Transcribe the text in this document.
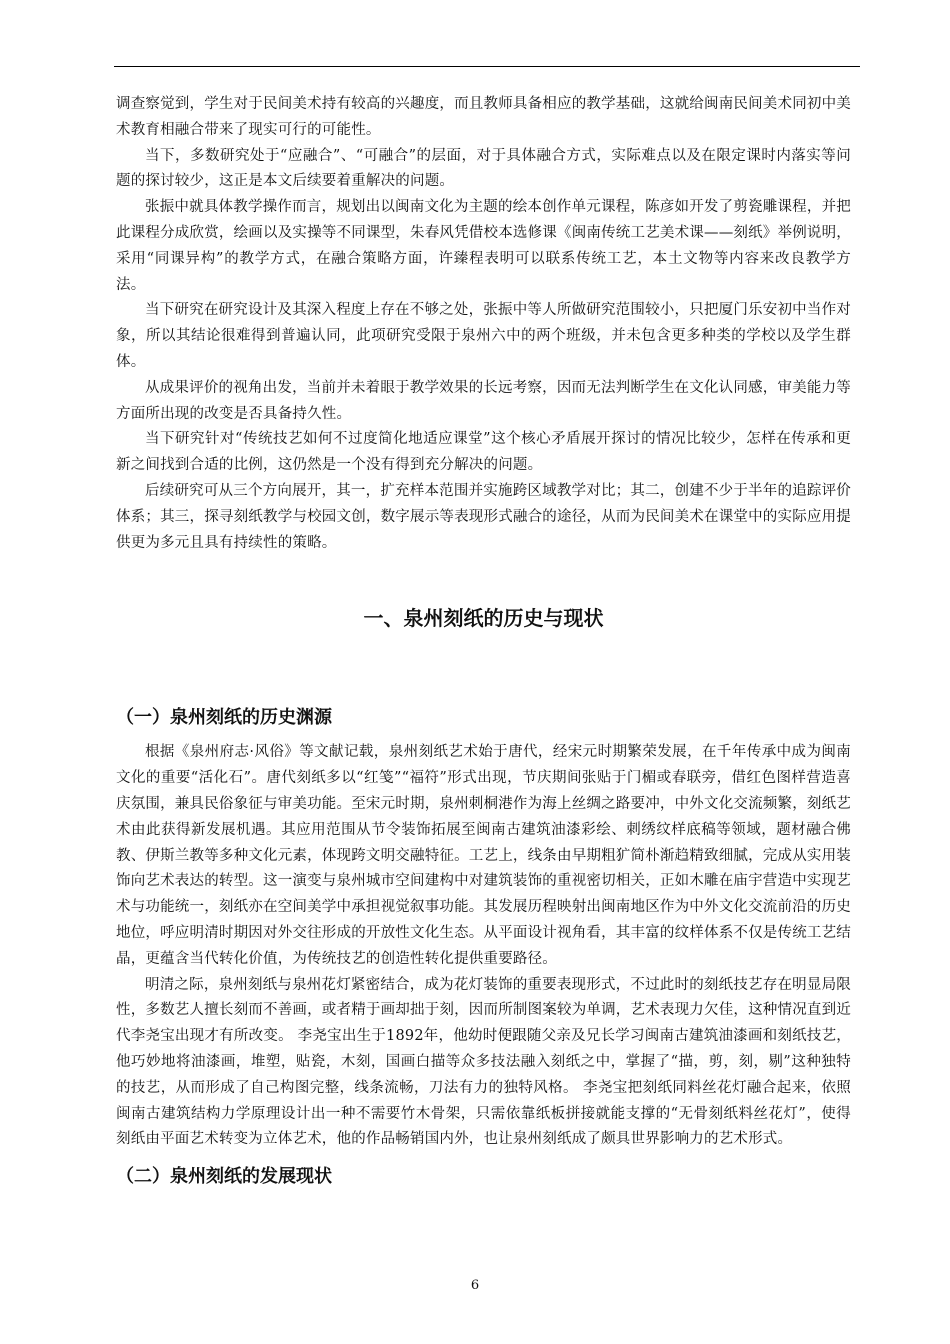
调查察觉到，学生对于民间美术持有较高的兴趣度，而且教师具备相应的教学基础，这就给闽南民间美术同初中美术教育相融合带来了现实可行的可能性。

当下，多数研究处于“应融合”、“可融合”的层面，对于具体融合方式，实际难点以及在限定课时内落实等问题的探讨较少，这正是本文后续要着重解决的问题。

张振中就具体教学操作而言，规划出以闽南文化为主题的绘本创作单元课程，陈彦如开发了剪瓷雕课程，并把此课程分成欣赏，绘画以及实操等不同课型，朱春风凭借校本选修课《闽南传统工艺美术课——刻纸》举例说明，采用“同课异构”的教学方式，在融合策略方面，许臻程表明可以联系传统工艺，本土文物等内容来改良教学方法。

当下研究在研究设计及其深入程度上存在不够之处，张振中等人所做研究范围较小，只把厦门乐安初中当作对象，所以其结论很难得到普遍认同，此项研究受限于泉州六中的两个班级，并未包含更多种类的学校以及学生群体。

从成果评价的视角出发，当前并未着眼于教学效果的长远考察，因而无法判断学生在文化认同感，审美能力等方面所出现的改变是否具备持久性。

当下研究针对“传统技艺如何不过度简化地适应课堂”这个核心矛盾展开探讨的情况比较少，怎样在传承和更新之间找到合适的比例，这仍然是一个没有得到充分解决的问题。

后续研究可从三个方向展开，其一，扩充样本范围并实施跨区域教学对比；其二，创建不少于半年的追踪评价体系；其三，探寻刻纸教学与校园文创，数字展示等表现形式融合的途径，从而为民间美术在课堂中的实际应用提供更为多元且具有持续性的策略。

一、泉州刻纸的历史与现状
（一）泉州刻纸的历史渊源

根据《泉州府志·风俗》等文献记载，泉州刻纸艺术始于唐代，经宋元时期繁荣发展，在千年传承中成为闽南文化的重要“活化石”。唐代刻纸多以“红笺”“福符”形式出现，节庆期间张贴于门楣或春联旁，借红色图样营造喜庆氛围，兼具民俗象征与审美功能。至宋元时期，泉州刺桐港作为海上丝绸之路要冲，中外文化交流频繁，刻纸艺术由此获得新发展机遇。其应用范围从节令装饰拓展至闽南古建筑油漆彩绘、刺绣纹样底稿等领域，题材融合佛教、伊斯兰教等多种文化元素，体现跨文明交融特征。工艺上，线条由早期粗犷简朴渐趋精致细腻，完成从实用装饰向艺术表达的转型。这一演变与泉州城市空间建构中对建筑装饰的重视密切相关，正如木雕在庙宇营造中实现艺术与功能统一，刻纸亦在空间美学中承担视觉叙事功能。其发展历程映射出闽南地区作为中外文化交流前沿的历史地位，呼应明清时期因对外交往形成的开放性文化生态。从平面设计视角看，其丰富的纹样体系不仅是传统工艺结晶，更蕴含当代转化价值，为传统技艺的创造性转化提供重要路径。

明清之际，泉州刻纸与泉州花灯紧密结合，成为花灯装饰的重要表现形式，不过此时的刻纸技艺存在明显局限性，多数艺人擅长刻而不善画，或者精于画却拙于刻，因而所制图案较为单调，艺术表现力欠佳，这种情况直到近代李尧宝出现才有所改变。 李尧宝出生于1892年，他幼时便跟随父亲及兄长学习闽南古建筑油漆画和刻纸技艺，他巧妙地将油漆画，堆塑，贴瓷，木刻，国画白描等众多技法融入刻纸之中，掌握了“描，剪，刻，剔”这种独特的技艺，从而形成了自己构图完整，线条流畅，刀法有力的独特风格。 李尧宝把刻纸同料丝花灯融合起来，依照闽南古建筑结构力学原理设计出一种不需要竹木骨架，只需依靠纸板拼接就能支撑的“无骨刻纸料丝花灯”，使得刻纸由平面艺术转变为立体艺术，他的作品畅销国内外，也让泉州刻纸成了颇具世界影响力的艺术形式。

（二）泉州刻纸的发展现状
6
